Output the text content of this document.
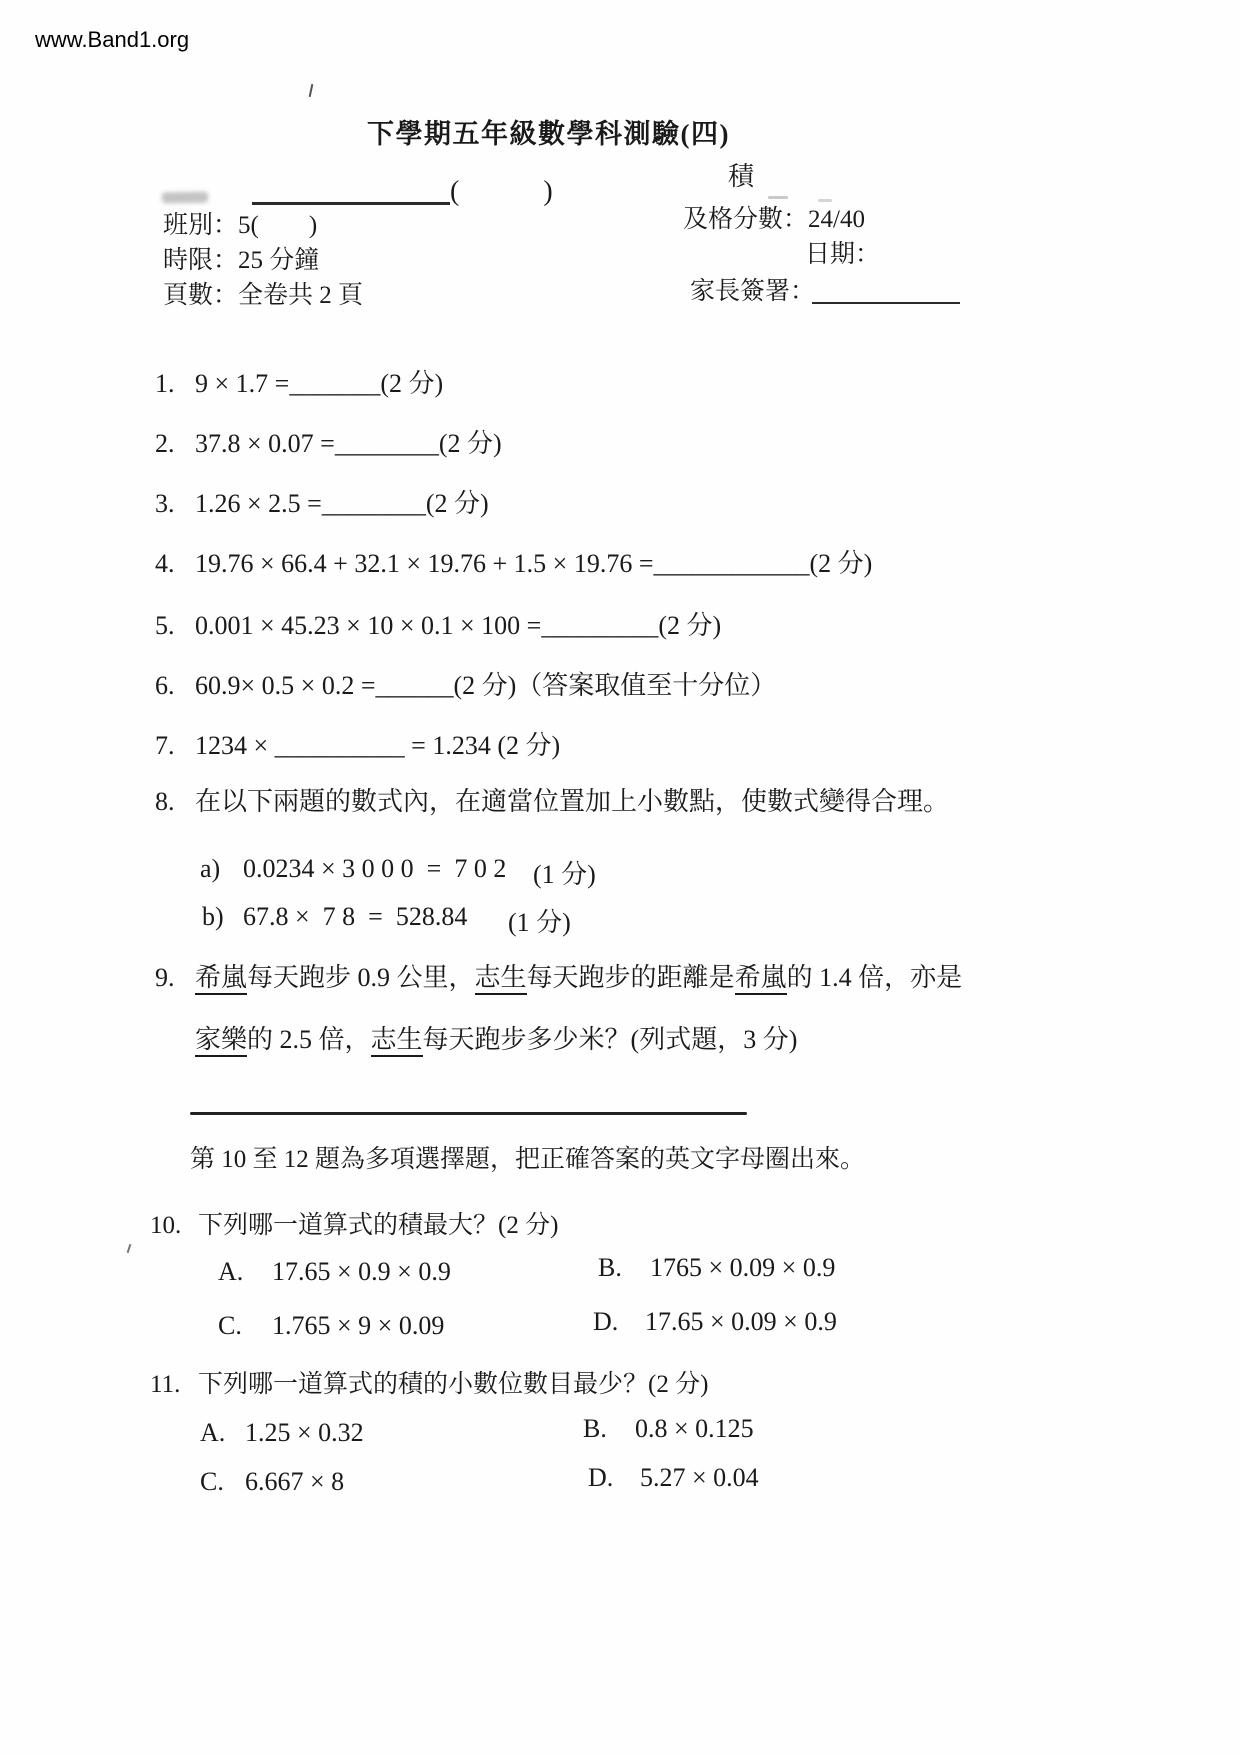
www.Band1.org
下學期五年級數學科測驗(四)
(            )	積
班別：5(        )	及格分數：24/40
時限：25 分鐘	日期：
頁數：全卷共 2 頁	家長簽署：
1. 9 × 1.7 =_______(2 分)
2. 37.8 × 0.07 =________(2 分)
3. 1.26 × 2.5 =________(2 分)
4. 19.76 × 66.4 + 32.1 × 19.76 + 1.5 × 19.76 =____________(2 分)
5. 0.001 × 45.23 × 10 × 0.1 × 100 =_________(2 分)
6. 60.9× 0.5 × 0.2 =______(2 分)（答案取值至十分位）
7. 1234 × __________ = 1.234 (2 分)
8. 在以下兩題的數式內，在適當位置加上小數點，使數式變得合理。
a) 0.0234 × 3 0 0 0  =  7 0 2 (1 分)
b) 67.8 ×  7 8  =  528.84 (1 分)
9. 希嵐每天跑步 0.9 公里，志生每天跑步的距離是希嵐的 1.4 倍，亦是
家樂的 2.5 倍，志生每天跑步多少米？(列式題，3 分)
第 10 至 12 題為多項選擇題，把正確答案的英文字母圈出來。
10. 下列哪一道算式的積最大？(2 分)
A.	17.65 × 0.9 × 0.9	B.	1765 × 0.09 × 0.9
C.	1.765 × 9 × 0.09	D.	17.65 × 0.09 × 0.9
11. 下列哪一道算式的積的小數位數目最少？(2 分)
A. 1.25 × 0.32	B.	0.8 × 0.125
C. 6.667 × 8	D.	5.27 × 0.04
